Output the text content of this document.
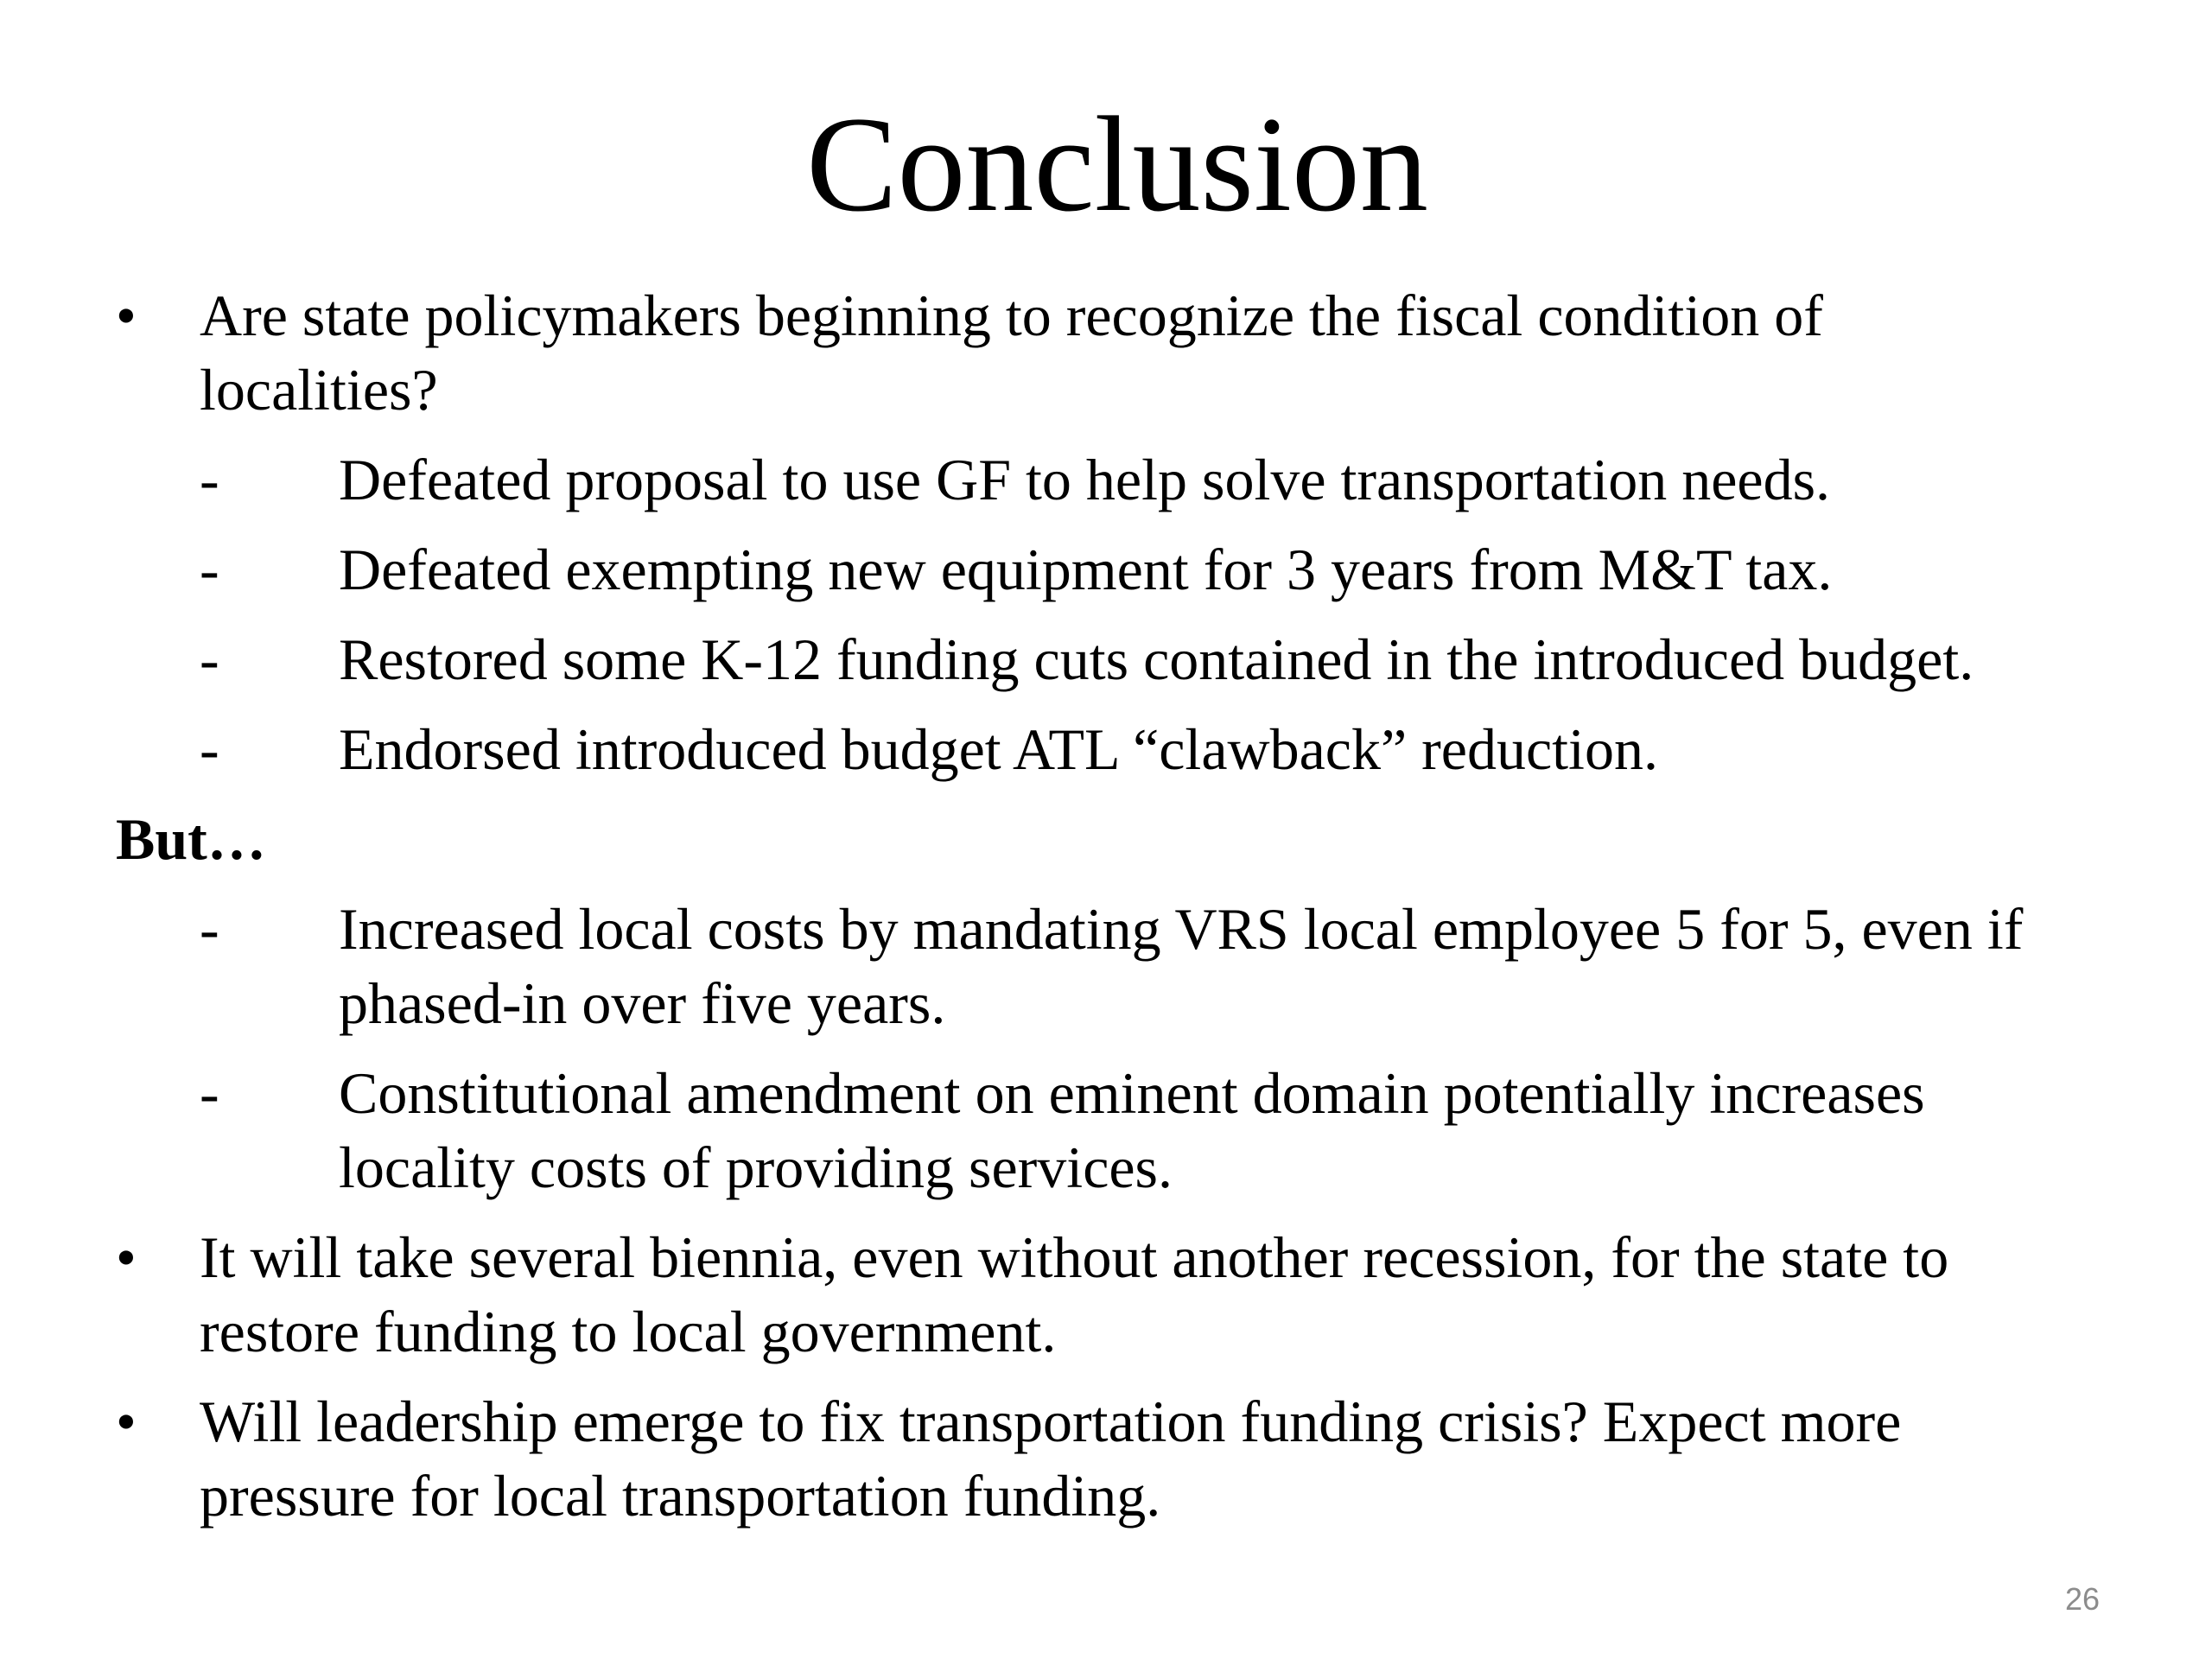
Conclusion
• Are state policymakers beginning to recognize the fiscal condition of
localities?
- Defeated proposal to use GF to help solve transportation needs.
- Defeated exempting new equipment for 3 years from M&T tax.
- Restored some K-12 funding cuts contained in the introduced budget.
- Endorsed introduced budget ATL “clawback” reduction.
But…
- Increased local costs by mandating VRS local employee 5 for 5, even if
phased-in over five years.
- Constitutional amendment on eminent domain potentially increases
locality costs of providing services.
• It will take several biennia, even without another recession, for the state to
restore funding to local government.
• Will leadership emerge to fix transportation funding crisis? Expect more
pressure for local transportation funding.
26
